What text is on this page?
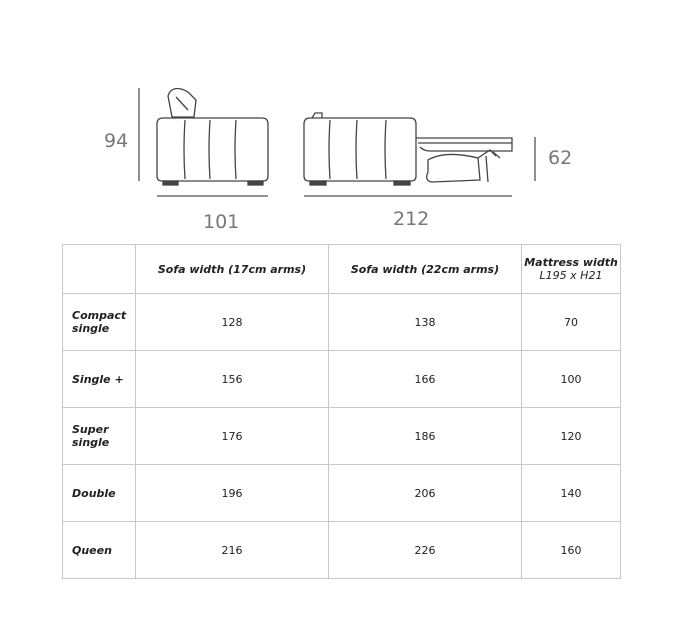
94
101	212
62
	Sofa width (17cm arms)	Sofa width (22cm arms)	Mattress width
L195 x H21

Compact single	128	138	70
Single +	156	166	100
Super single	176	186	120
Double	196	206	140
Queen	216	226	160
